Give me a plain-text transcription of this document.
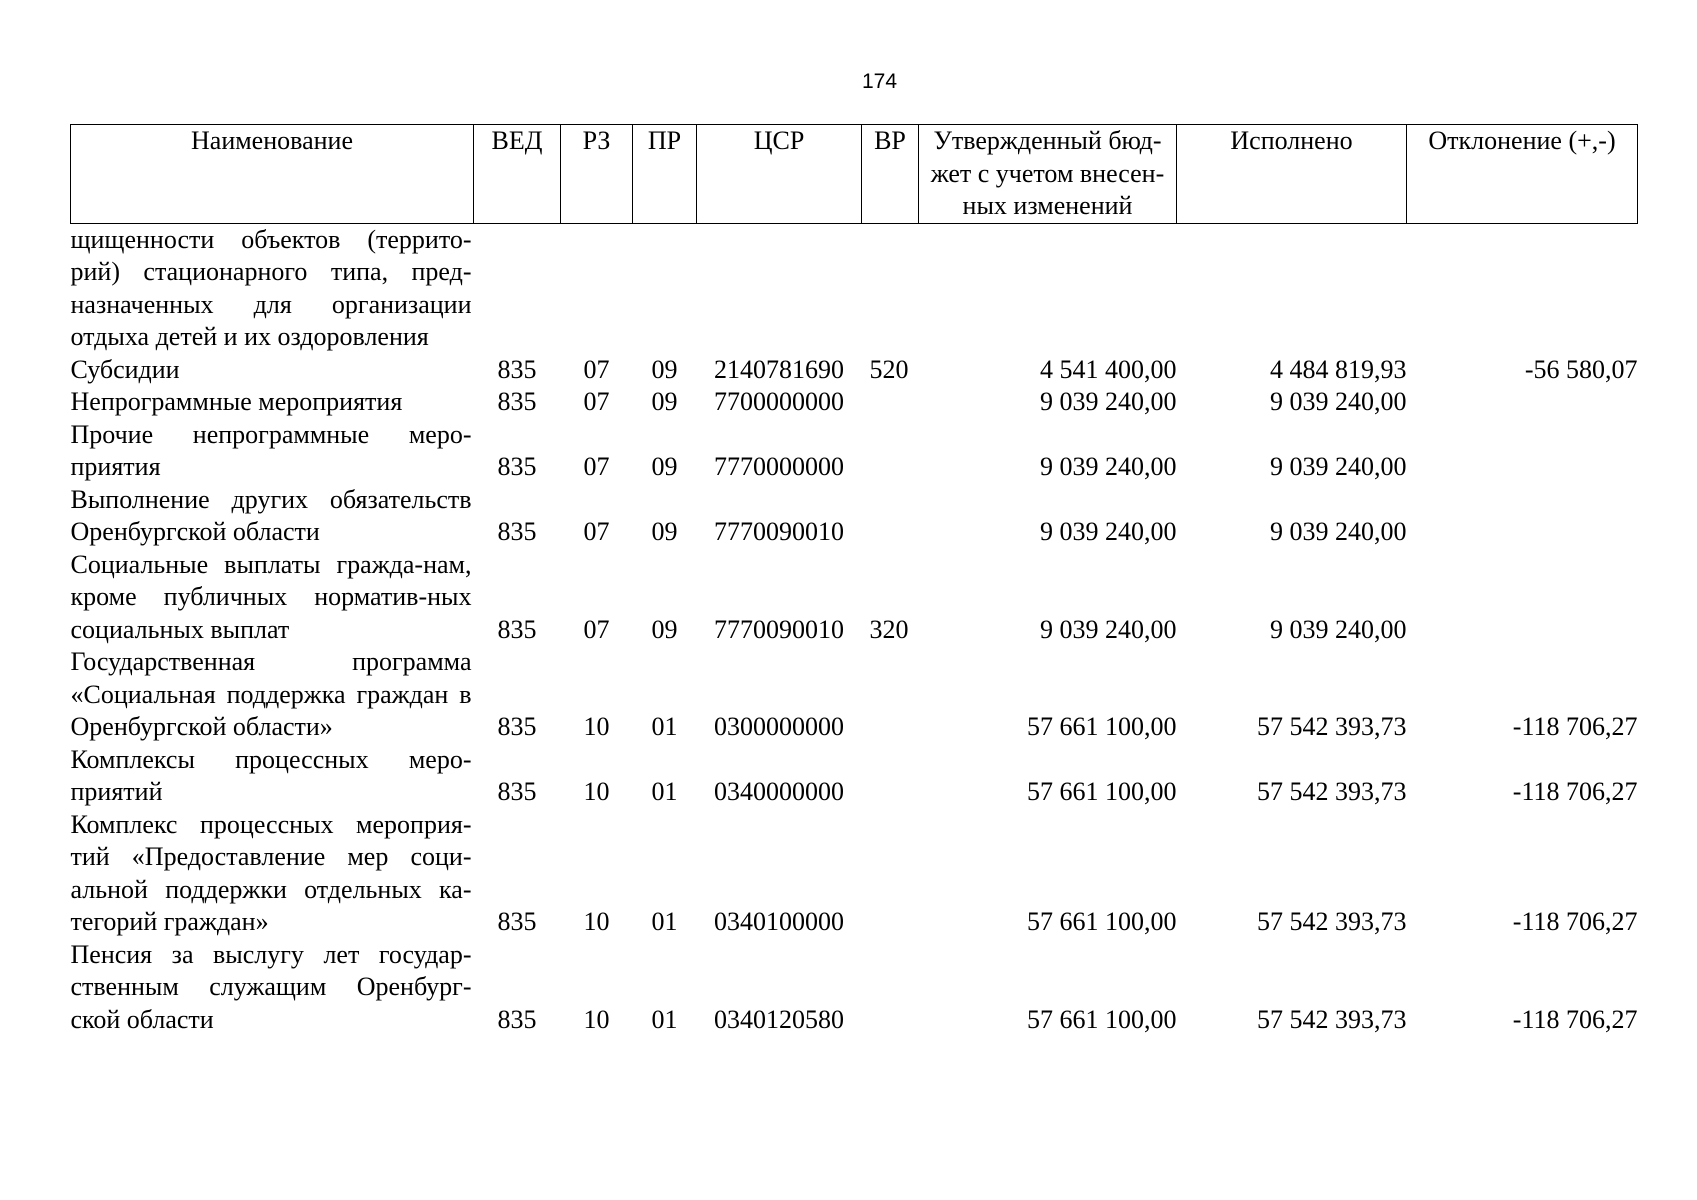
174
Наименование	ВЕД	РЗ	ПР	ЦСР	ВР	Утвержденный бюд-жет с учетом внесен-ных изменений	Исполнено	Отклонение (+,-)
щищенности объектов (террито-рий) стационарного типа, пред-назначенных для организации отдыха детей и их оздоровления								
Субсидии	835	07	09	2140781690	520	4 541 400,00	4 484 819,93	-56 580,07
Непрограммные мероприятия	835	07	09	7700000000		9 039 240,00	9 039 240,00	
Прочие непрограммные меро-приятия	835	07	09	7770000000		9 039 240,00	9 039 240,00	
Выполнение других обязательств Оренбургской области	835	07	09	7770090010		9 039 240,00	9 039 240,00	
Социальные выплаты гражда-нам, кроме публичных норматив-ных социальных выплат	835	07	09	7770090010	320	9 039 240,00	9 039 240,00	
Государственная программа «Социальная поддержка граждан в Оренбургской области»	835	10	01	0300000000		57 661 100,00	57 542 393,73	-118 706,27
Комплексы процессных меро-приятий	835	10	01	0340000000		57 661 100,00	57 542 393,73	-118 706,27
Комплекс процессных мероприя-тий «Предоставление мер соци-альной поддержки отдельных ка-тегорий граждан»	835	10	01	0340100000		57 661 100,00	57 542 393,73	-118 706,27
Пенсия за выслугу лет государ-ственным служащим Оренбург-ской области	835	10	01	0340120580		57 661 100,00	57 542 393,73	-118 706,27
